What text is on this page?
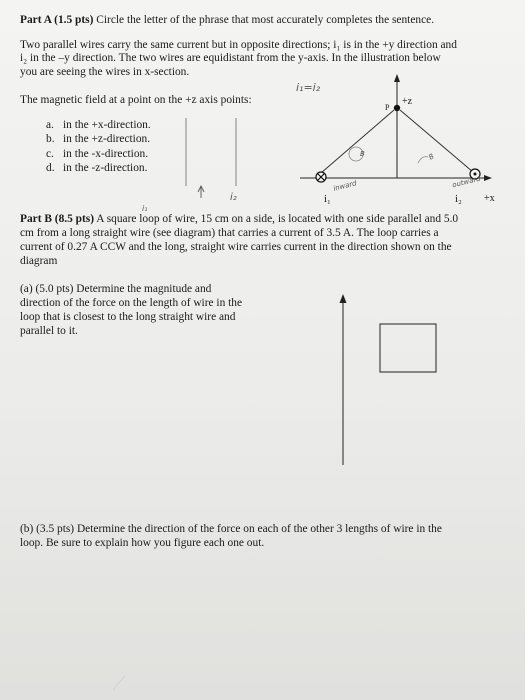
Part A (1.5 pts) Circle the letter of the phrase that most accurately completes the sentence.
Two parallel wires carry the same current but in opposite directions; i₁ is in the +y direction and
i₂ in the –y direction. The two wires are equidistant from the y-axis. In the illustration below
you are seeing the wires in x-section.
The magnetic field at a point on the +z axis points:
a. in the +x-direction.
b. in the +z-direction.
c. in the -x-direction.
d. in the -z-direction.
+z
P
+x
i₁	i₂
i₁=i₂
B	B
inward	outward
i₂
i₁
Part B (8.5 pts) A square loop of wire, 15 cm on a side, is located with one side parallel and 5.0
cm from a long straight wire (see diagram) that carries a current of 3.5 A. The loop carries a
current of 0.27 A CCW and the long, straight wire carries current in the direction shown on the
diagram
(a) (5.0 pts) Determine the magnitude and
direction of the force on the length of wire in the
loop that is closest to the long straight wire and
parallel to it.
(b) (3.5 pts) Determine the direction of the force on each of the other 3 lengths of wire in the
loop. Be sure to explain how you figure each one out.
